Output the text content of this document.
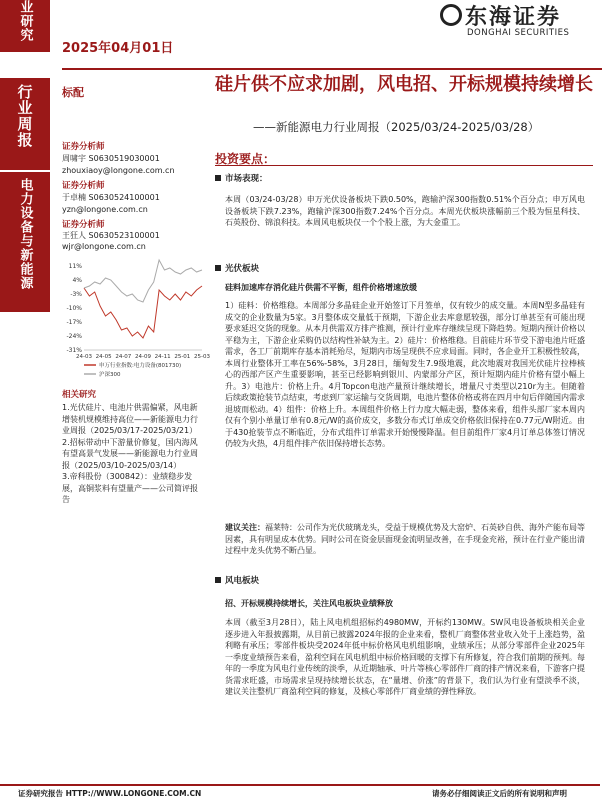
业研究
行业周报
电力设备与新能源
2025年04月01日
东海证券
DONGHAI SECURITIES
标配	硅片供不应求加剧，风电招、开标规模持续增长
——新能源电力行业周报（2025/03/24-2025/03/28）
证券分析师
周啸宇 S0630519030001
zhouxiaoy@longone.com.cn
证券分析师
于卓楠 S0630524100001
yzn@longone.com.cn
证券分析师
王狂人 S0630523100001
wjr@longone.com.cn
11%
4%
-3%
-10%
-17%
-24%
-31%
24-03 24-05 24-07 24-09 24-11 25-01 25-03
申万行业指数:电力设备(801730)
沪深300
相关研究
1.光伏硅片、电池片供需偏紧，风电新增装机规模维持高位——新能源电力行业周报（2025/03/17-2025/03/21）
2.招标带动中下游量价修复，国内海风有望高景气发展——新能源电力行业周报（2025/03/10-2025/03/14）
3.帝科股份（300842）：业绩稳步发展，高铜浆料有望量产——公司简评报告
投资要点：
市场表现：
本周（03/24-03/28）申万光伏设备板块下跌0.50%，跑输沪深300指数0.51%个百分点；申万风电设备板块下跌7.23%，跑输沪深300指数7.24%个百分点。本周光伏板块涨幅前三个股为恒星科技、石英股份、锦浪科技。本周风电板块仅一个个股上涨，为大金重工。
光伏板块
硅料加速库存消化硅片供需不平衡，组件价格增速放缓
1）硅料：价格维稳。本周部分多晶硅企业开始签订下月签单，仅有较少的成交量。本周N型多晶硅有成交的企业数量为5家。3月整体成交量低于预期，下游企业去库意愿较强，部分订单甚至有可能出现要求延迟交货的现象。从本月供需双方排产推测，预计行业库存继续呈现下降趋势。短期内预计价格以平稳为主，下游企业采购仍以结构性补缺为主。2）硅片：价格维稳。目前硅片环节受下游电池片旺盛需求，各工厂前期库存基本消耗殆尽，短期内市场呈现供不应求局面。同时，各企业开工积极性较高，本周行业整体开工率在56%-58%，3月28日，缅甸发生7.9级地震，此次地震对我国光伏硅片拉棒核心的西部产区产生重要影响，甚至已经影响到银川、内蒙部分产区，预计短期内硅片价格有望小幅上升。3）电池片：价格上升。4月Topcon电池产量预计继续增长，增量尺寸类型以210r为主。但随着后续政策抢装节点结束，考虑到厂家运输与交货周期，电池片整体价格或将在四月中旬后伴随国内需求退坡而松动。4）组件：价格上升。本周组件价格上行力度大幅走弱，整体来看，组件头部厂家本周内仅有个别小单量订单有0.8元/W的高价成交，多数分布式订单成交价格依旧保持在0.77元/W附近。由于430抢装节点不断临近，分布式组件订单需求开始慢慢降温。但目前组件厂家4月订单总体签订情况仍较为火热，4月组件排产依旧保持增长态势。
建议关注：福莱特：公司作为光伏玻璃龙头，受益于规模优势及大窑炉、石英砂自供、海外产能布局等因素，具有明显成本优势。同时公司在资金层面现金流明显改善，在手现金充裕，预计在行业产能出清过程中龙头优势不断凸显。
风电板块
招、开标规模持续增长，关注风电板块业绩释放
本周（截至3月28日），陆上风电机组招标约4980MW，开标约130MW。SW风电设备板块相关企业逐步进入年报披露期，从目前已披露2024年报的企业来看，整机厂商整体营业收入处于上涨趋势，盈利略有承压；零部件板块受2024年低中标价格风电机组影响，业绩承压；从部分零部件企业2025年一季度业绩预告来看，盈利空间在风电机组中标价格回暖的支撑下有所修复，符合我们前期的预判。每年的一季度为风电行业传统的淡季，从近期轴承、叶片等核心零部件厂商的排产情况来看，下游客户提货需求旺盛，市场需求呈现持续增长状态，在“量增、价涨”的背景下，我们认为行业有望淡季不淡，建议关注整机厂商盈利空间的修复，及核心零部件厂商业绩的弹性释放。
证券研究报告 HTTP://WWW.LONGONE.COM.CN	请务必仔细阅读正文后的所有说明和声明
